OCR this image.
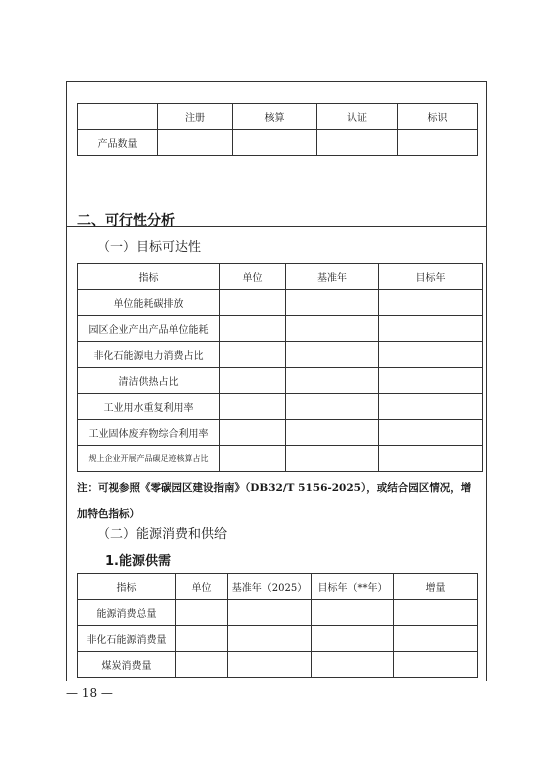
	注册	核算	认证	标识
产品数量				
二、可行性分析
（一）目标可达性
指标	单位	基准年	目标年
单位能耗碳排放			
园区企业产出产品单位能耗			
非化石能源电力消费占比			
清洁供热占比			
工业用水重复利用率			
工业固体废弃物综合利用率			
规上企业开展产品碳足迹核算占比			
注：可视参照《零碳园区建设指南》（DB32/T 5156-2025），或结合园区情况，增加特色指标）
（二）能源消费和供给
1.能源供需
指标	单位	基准年（2025）	目标年（**年）	增量
能源消费总量				
非化石能源消费量				
煤炭消费量				
— 18 —
